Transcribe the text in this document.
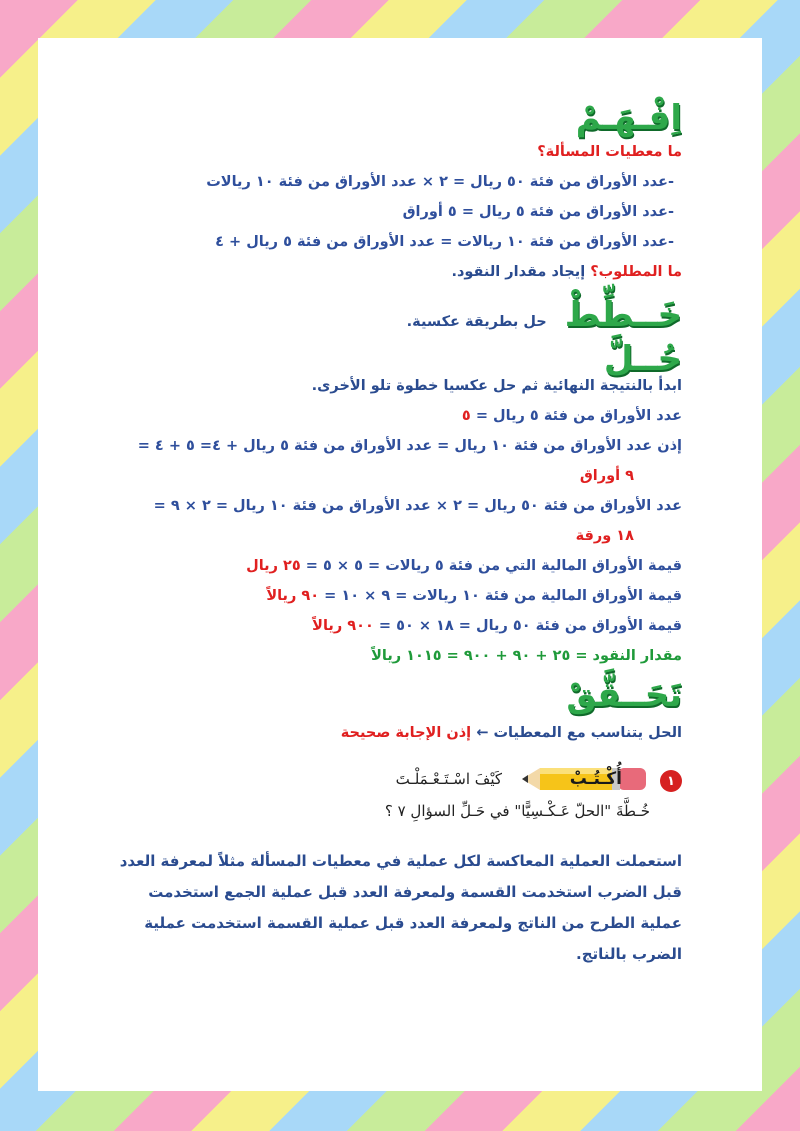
اِفْـهَـمْ
ما معطيات المسألة؟
-عدد الأوراق من فئة ٥٠ ريال = ٢ × عدد الأوراق من فئة ١٠ ريالات
-عدد الأوراق من فئة ٥ ريال = ٥ أوراق
-عدد الأوراق من فئة ١٠ ريالات = عدد الأوراق من فئة ٥ ريال + ٤
ما المطلوب؟ إيجاد مقدار النقود.
خَــطِّطْ
حل بطريقة عكسية.
حُــلَّ
ابدأ بالنتيجة النهائية ثم حل عكسيا خطوة تلو الأخرى.
عدد الأوراق من فئة ٥ ريال = ٥
إذن عدد الأوراق من فئة ١٠ ريال = عدد الأوراق من فئة ٥ ريال + ٤= ٥ + ٤ =
٩ أوراق
عدد الأوراق من فئة ٥٠ ريال = ٢ × عدد الأوراق من فئة ١٠ ريال = ٢ × ٩ =
١٨ ورقة
قيمة الأوراق المالية التي من فئة ٥ ريالات = ٥ × ٥ = ٢٥ ريال
قيمة الأوراق المالية من فئة ١٠ ريالات = ٩ × ١٠ = ٩٠ ريالاً
قيمة الأوراق من فئة ٥٠ ريال = ١٨ × ٥٠ = ٩٠٠ ريالاً
مقدار النقود = ٢٥ + ٩٠ + ٩٠٠ = ١٠١٥ ريالاً
تَحَــقَّقْ
الحل يتناسب مع المعطيات ← إذن الإجابة صحيحة
١
أُكْـتُـبْ
كَيْفَ اسْـتَـعْـمَلْـتَ
خُـطَّةَ "الحلّ عَـكْـسِيًّا" في حَـلِّ السؤالِ ٧ ؟
استعملت العملية المعاكسة لكل عملية في معطيات المسألة مثلاً لمعرفة العدد قبل الضرب استخدمت القسمة ولمعرفة العدد قبل عملية الجمع استخدمت عملية الطرح من الناتج ولمعرفة العدد قبل عملية القسمة استخدمت عملية الضرب بالناتج.
